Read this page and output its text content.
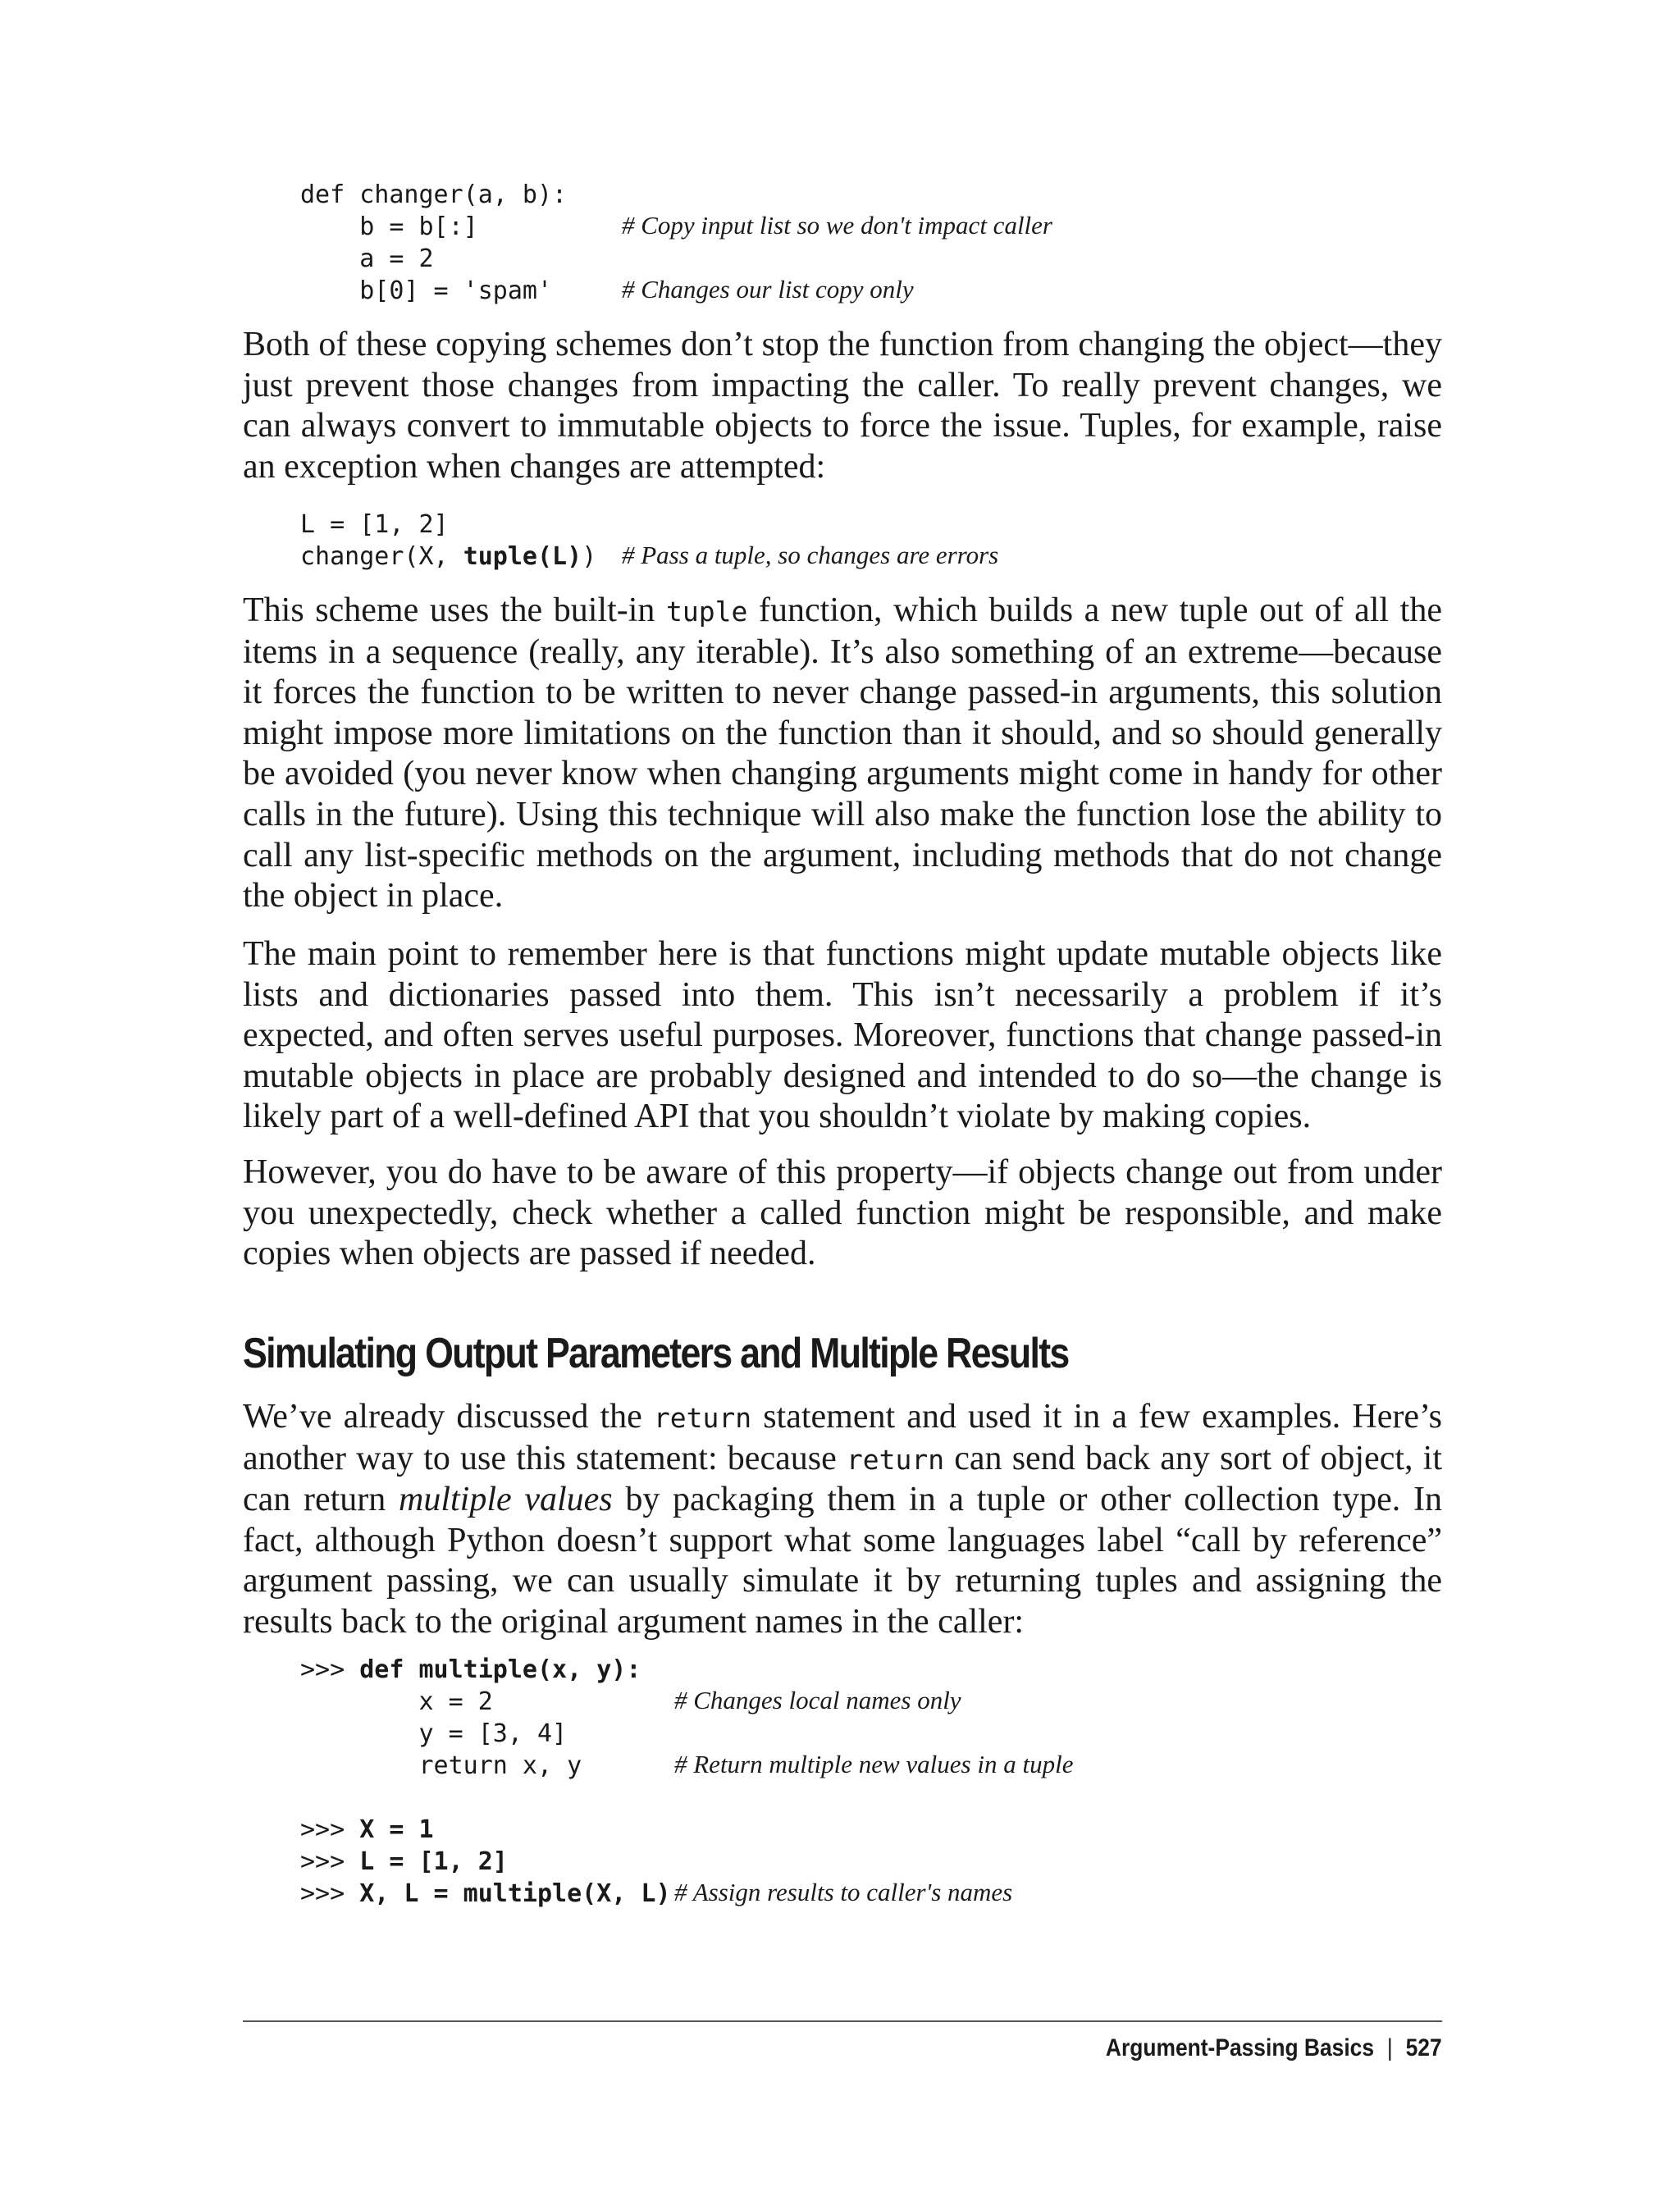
def changer(a, b):
b = b[:]	# Copy input list so we don't impact caller
a = 2
b[0] = 'spam'	# Changes our list copy only

Both of these copying schemes don’t stop the function from changing the object—they just prevent those changes from impacting the caller. To really prevent changes, we can always convert to immutable objects to force the issue. Tuples, for example, raise an exception when changes are attempted:

L = [1, 2]
changer(X, tuple(L)) # Pass a tuple, so changes are errors

This scheme uses the built-in tuple function, which builds a new tuple out of all the items in a sequence (really, any iterable). It’s also something of an extreme—because it forces the function to be written to never change passed-in arguments, this solution might impose more limitations on the function than it should, and so should generally be avoided (you never know when changing arguments might come in handy for other calls in the future). Using this technique will also make the function lose the ability to call any list-specific methods on the argument, including methods that do not change the object in place.

The main point to remember here is that functions might update mutable objects like lists and dictionaries passed into them. This isn’t necessarily a problem if it’s expected, and often serves useful purposes. Moreover, functions that change passed-in mutable objects in place are probably designed and intended to do so—the change is likely part of a well-defined API that you shouldn’t violate by making copies.

However, you do have to be aware of this property—if objects change out from under you unexpectedly, check whether a called function might be responsible, and make copies when objects are passed if needed.

Simulating Output Parameters and Multiple Results

We’ve already discussed the return statement and used it in a few examples. Here’s another way to use this statement: because return can send back any sort of object, it can return multiple values by packaging them in a tuple or other collection type. In fact, although Python doesn’t support what some languages label “call by reference” argument passing, we can usually simulate it by returning tuples and assigning the results back to the original argument names in the caller:

>>> def multiple(x, y):
x = 2	# Changes local names only
y = [3, 4]
return x, y	# Return multiple new values in a tuple
>>> X = 1
>>> L = [1, 2]
>>> X, L = multiple(X, L) # Assign results to caller's names
Argument-Passing Basics | 527
